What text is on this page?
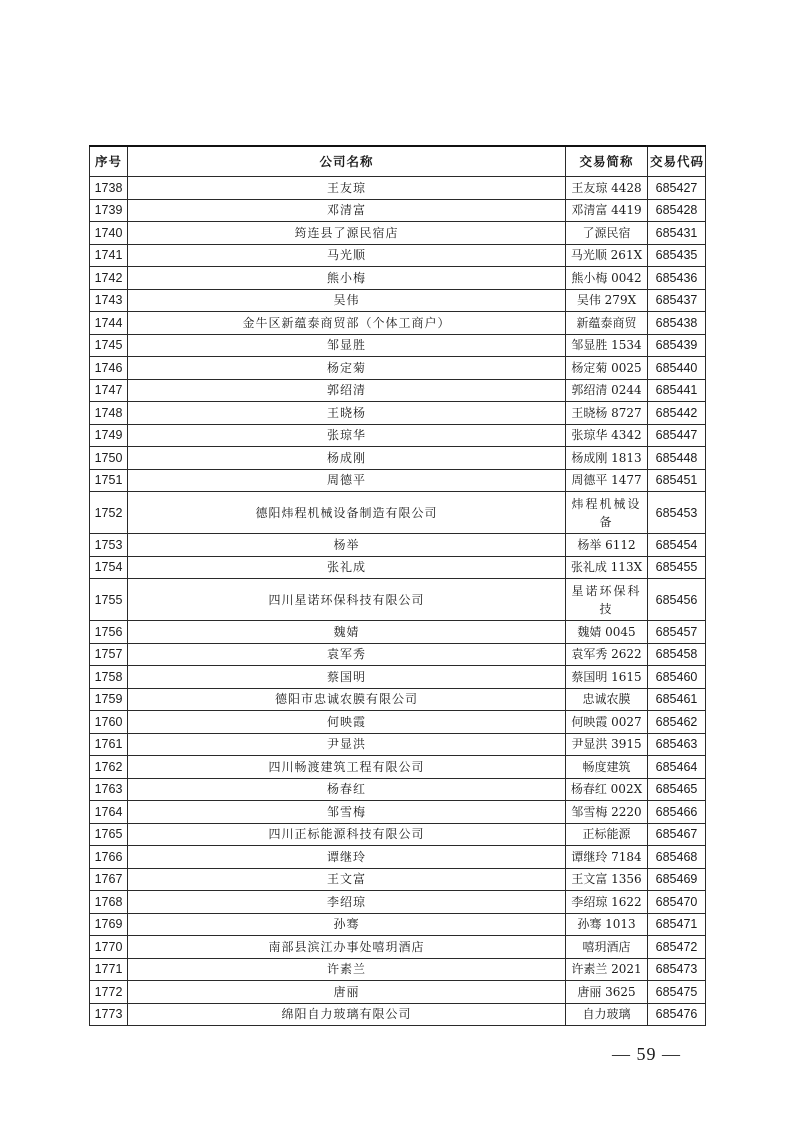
序号	公司名称	交易简称	交易代码	
1738	王友琼	王友琼 4428	685427	
1739	邓清富	邓清富 4419	685428	
1740	筠连县了源民宿店	了源民宿	685431	
1741	马光顺	马光顺 261X	685435	
1742	熊小梅	熊小梅 0042	685436	
1743	吴伟	吴伟 279X	685437	
1744	金牛区新蕴泰商贸部（个体工商户）	新蕴泰商贸	685438	
1745	邹显胜	邹显胜 1534	685439	
1746	杨定菊	杨定菊 0025	685440	
1747	郭绍清	郭绍清 0244	685441	
1748	王晓杨	王晓杨 8727	685442	
1749	张琼华	张琼华 4342	685447	
1750	杨成刚	杨成刚 1813	685448	
1751	周德平	周德平 1477	685451	
1752	德阳炜程机械设备制造有限公司	炜程机械设备	685453	
1753	杨举	杨举 6112	685454	
1754	张礼成	张礼成 113X	685455	
1755	四川星诺环保科技有限公司	星诺环保科技	685456	
1756	魏婧	魏婧 0045	685457	
1757	袁军秀	袁军秀 2622	685458	
1758	蔡国明	蔡国明 1615	685460	
1759	德阳市忠诚农膜有限公司	忠诚农膜	685461	
1760	何映霞	何映霞 0027	685462	
1761	尹显洪	尹显洪 3915	685463	
1762	四川畅渡建筑工程有限公司	畅度建筑	685464	
1763	杨春红	杨春红 002X	685465	
1764	邹雪梅	邹雪梅 2220	685466	
1765	四川正标能源科技有限公司	正标能源	685467	
1766	谭继玲	谭继玲 7184	685468	
1767	王文富	王文富 1356	685469	
1768	李绍琼	李绍琼 1622	685470	
1769	孙骞	孙骞 1013	685471	
1770	南部县滨江办事处嘻玥酒店	嘻玥酒店	685472	
1771	许素兰	许素兰 2021	685473	
1772	唐丽	唐丽 3625	685475	
1773	绵阳自力玻璃有限公司	自力玻璃	685476	
— 59 —
